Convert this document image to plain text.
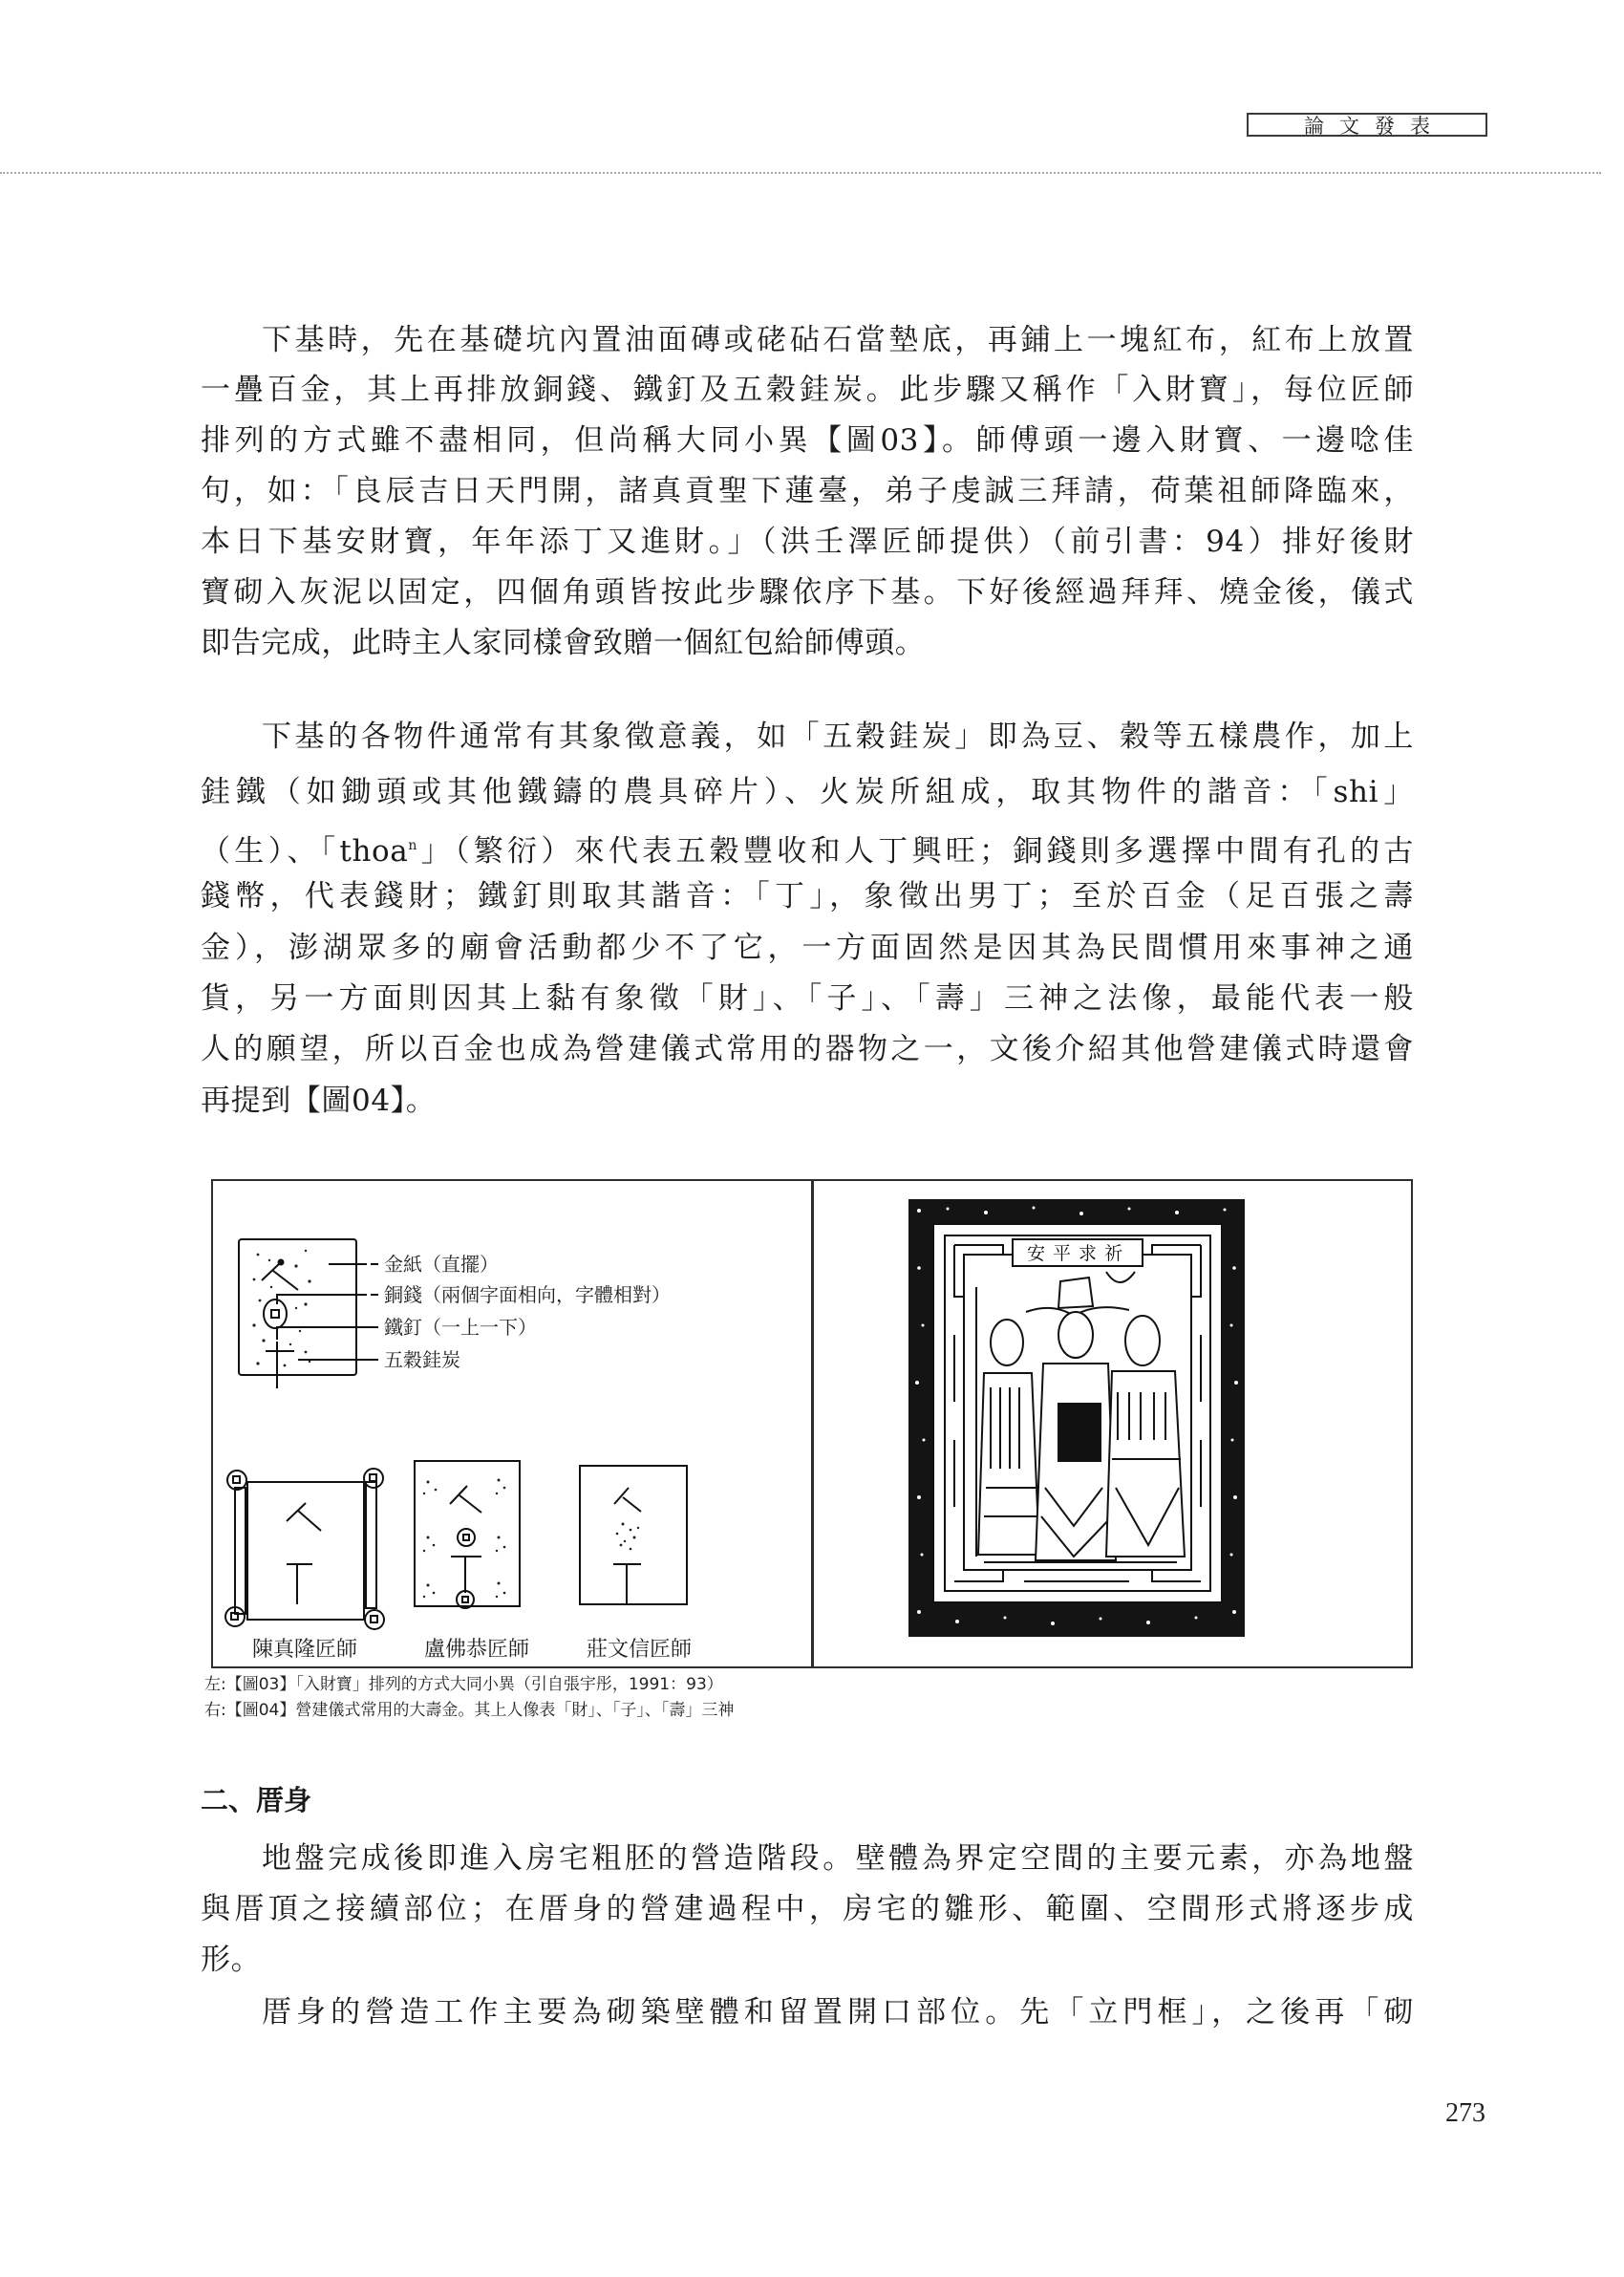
論文發表
下基時，先在基礎坑內置油面磚或硓砧石當墊底，再鋪上一塊紅布，紅布上放置
一疊百金，其上再排放銅錢、鐵釘及五穀銈炭。此步驟又稱作「入財寶」，每位匠師
排列的方式雖不盡相同，但尚稱大同小異【圖03】。師傅頭一邊入財寶、一邊唸佳
句，如：「良辰吉日天門開，諸真貢聖下蓮臺，弟子虔誠三拜請，荷葉祖師降臨來，
本日下基安財寶，年年添丁又進財。」（洪壬澤匠師提供）（前引書：94）排好後財
寶砌入灰泥以固定，四個角頭皆按此步驟依序下基。下好後經過拜拜、燒金後，儀式
即告完成，此時主人家同樣會致贈一個紅包給師傅頭。
下基的各物件通常有其象徵意義，如「五穀銈炭」即為豆、穀等五樣農作，加上
銈鐵（如鋤頭或其他鐵鑄的農具碎片）、火炭所組成，取其物件的諧音：「shi」
（生）、「thoa$^n$」（繁衍）來代表五穀豐收和人丁興旺；銅錢則多選擇中間有孔的古
錢幣，代表錢財；鐵釘則取其諧音：「丁」，象徵出男丁；至於百金（足百張之壽
金），澎湖眾多的廟會活動都少不了它，一方面固然是因其為民間慣用來事神之通
貨，另一方面則因其上黏有象徵「財」、「子」、「壽」三神之法像，最能代表一般
人的願望，所以百金也成為營建儀式常用的器物之一，文後介紹其他營建儀式時還會
再提到【圖04】。
金紙（直擺）
銅錢（兩個字面相向，字體相對）
鐵釘（一上一下）
五穀銈炭
陳真隆匠師	盧佛恭匠師	莊文信匠師
安平求祈
左:【圖03】「入財寶」排列的方式大同小異（引自張宇彤，1991：93）
右:【圖04】營建儀式常用的大壽金。其上人像表「財」、「子」、「壽」三神
二、厝身
地盤完成後即進入房宅粗胚的營造階段。壁體為界定空間的主要元素，亦為地盤
與厝頂之接續部位；在厝身的營建過程中，房宅的雛形、範圍、空間形式將逐步成
形。
厝身的營造工作主要為砌築壁體和留置開口部位。先「立門框」，之後再「砌
273
